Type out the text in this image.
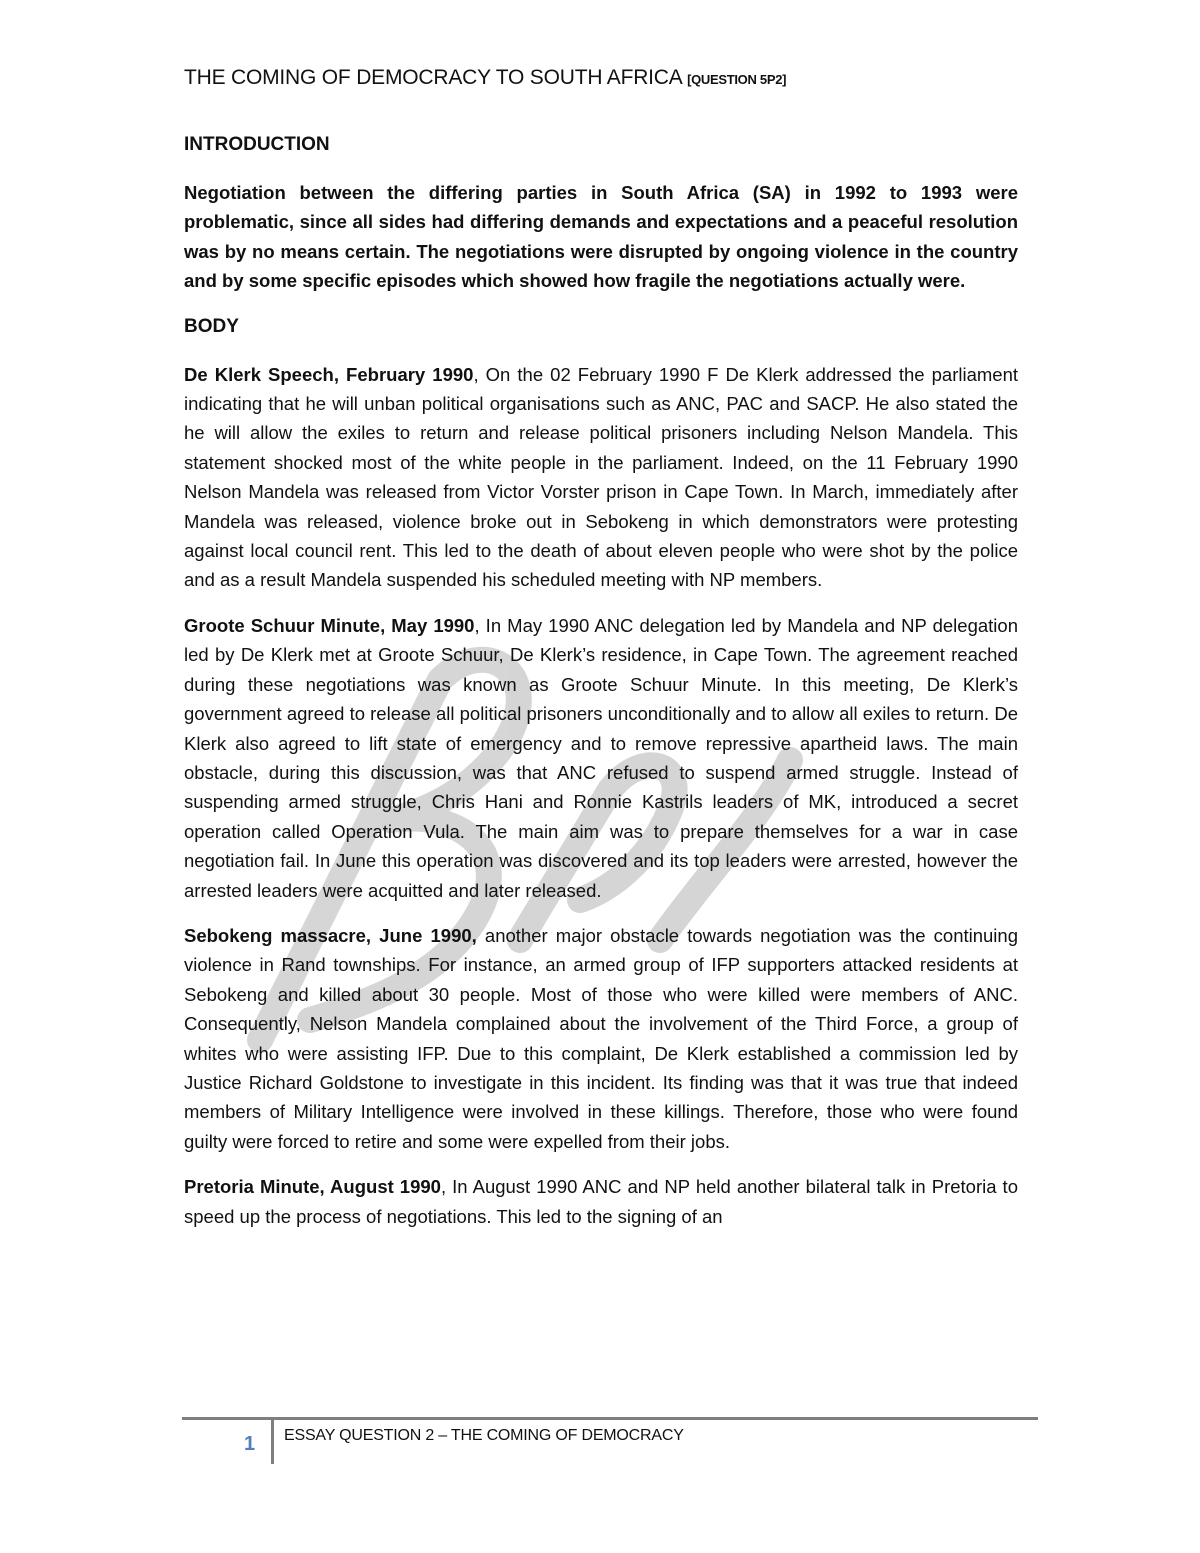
THE COMING OF DEMOCRACY TO SOUTH AFRICA [QUESTION 5P2]
INTRODUCTION

Negotiation between the differing parties in South Africa (SA) in 1992 to 1993 were problematic, since all sides had differing demands and expectations and a peaceful resolution was by no means certain. The negotiations were disrupted by ongoing violence in the country and by some specific episodes which showed how fragile the negotiations actually were.

BODY

De Klerk Speech, February 1990, On the 02 February 1990 F De Klerk addressed the parliament indicating that he will unban political organisations such as ANC, PAC and SACP. He also stated the he will allow the exiles to return and release political prisoners including Nelson Mandela. This statement shocked most of the white people in the parliament. Indeed, on the 11 February 1990 Nelson Mandela was released from Victor Vorster prison in Cape Town. In March, immediately after Mandela was released, violence broke out in Sebokeng in which demonstrators were protesting against local council rent. This led to the death of about eleven people who were shot by the police and as a result Mandela suspended his scheduled meeting with NP members.

Groote Schuur Minute, May 1990, In May 1990 ANC delegation led by Mandela and NP delegation led by De Klerk met at Groote Schuur, De Klerk’s residence, in Cape Town. The agreement reached during these negotiations was known as Groote Schuur Minute. In this meeting, De Klerk’s government agreed to release all political prisoners unconditionally and to allow all exiles to return. De Klerk also agreed to lift state of emergency and to remove repressive apartheid laws. The main obstacle, during this discussion, was that ANC refused to suspend armed struggle. Instead of suspending armed struggle, Chris Hani and Ronnie Kastrils leaders of MK, introduced a secret operation called Operation Vula. The main aim was to prepare themselves for a war in case negotiation fail. In June this operation was discovered and its top leaders were arrested, however the arrested leaders were acquitted and later released.

Sebokeng massacre, June 1990, another major obstacle towards negotiation was the continuing violence in Rand townships. For instance, an armed group of IFP supporters attacked residents at Sebokeng and killed about 30 people. Most of those who were killed were members of ANC. Consequently, Nelson Mandela complained about the involvement of the Third Force, a group of whites who were assisting IFP. Due to this complaint, De Klerk established a commission led by Justice Richard Goldstone to investigate in this incident. Its finding was that it was true that indeed members of Military Intelligence were involved in these killings. Therefore, those who were found guilty were forced to retire and some were expelled from their jobs.

Pretoria Minute, August 1990, In August 1990 ANC and NP held another bilateral talk in Pretoria to speed up the process of negotiations. This led to the signing of an

1 ESSAY QUESTION 2 – THE COMING OF DEMOCRACY
